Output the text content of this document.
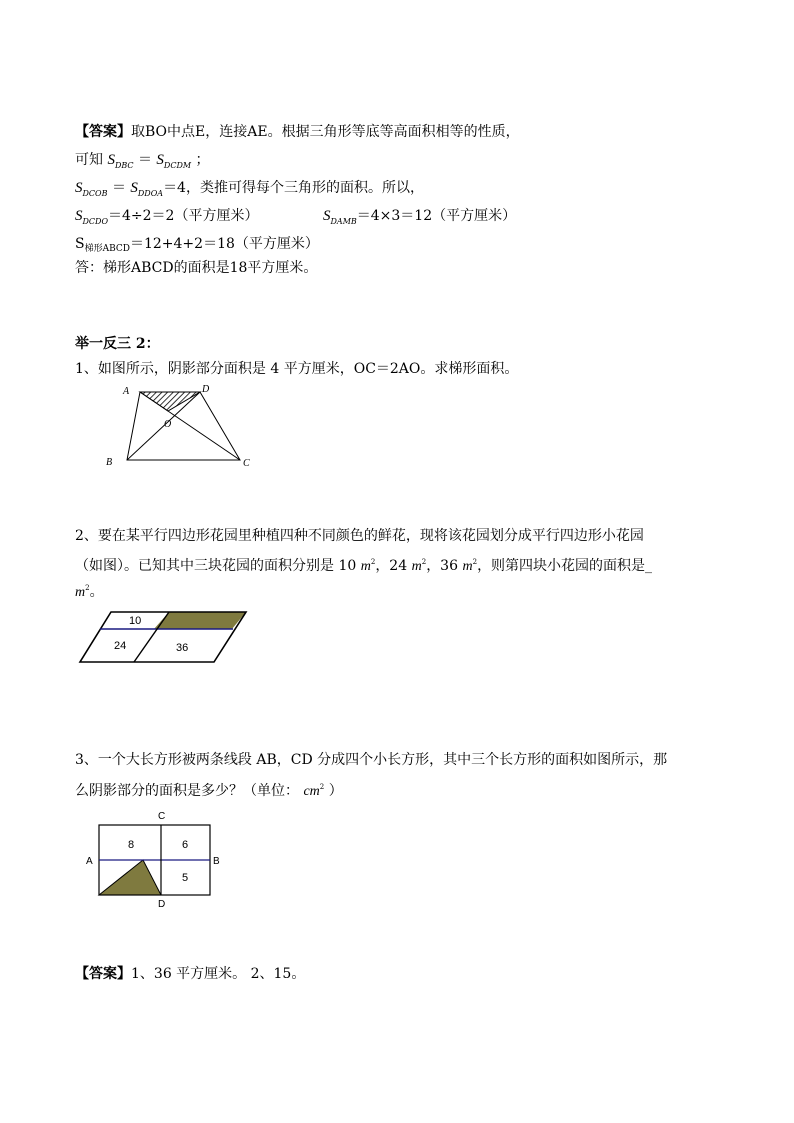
【答案】取BO中点E，连接AE。根据三角形等底等高面积相等的性质，
可知 $S_{DBC} = S_{DCDM}$ ；
$S_{DCOB} = S_{DDOA}=4$，类推可得每个三角形的面积。所以，
$S_{DCDO}=4\div 2=2$（平方厘米）	$S_{DAMB}=4\times 3=12$（平方厘米）
$S_{梯形ABCD}=12+4+2=18$（平方厘米）
答：梯形ABCD的面积是18平方厘米。
举一反三 2：
1、如图所示，阴影部分面积是 4 平方厘米，OC＝2AO。求梯形面积。
A	D
O
B	C
2、要在某平行四边形花园里种植四种不同颜色的鲜花，现将该花园划分成平行四边形小花园
（如图）。已知其中三块花园的面积分别是 10 $m^2$，24 $m^2$，36 $m^2$，则第四块小花园的面积是_
$m^2$。
10
24	36
3、一个大长方形被两条线段 AB，CD 分成四个小长方形，其中三个长方形的面积如图所示，那
么阴影部分的面积是多少？（单位： $cm^2$ ）
C
A	B
D
8	6
5
【答案】1、36 平方厘米。 2、15。
